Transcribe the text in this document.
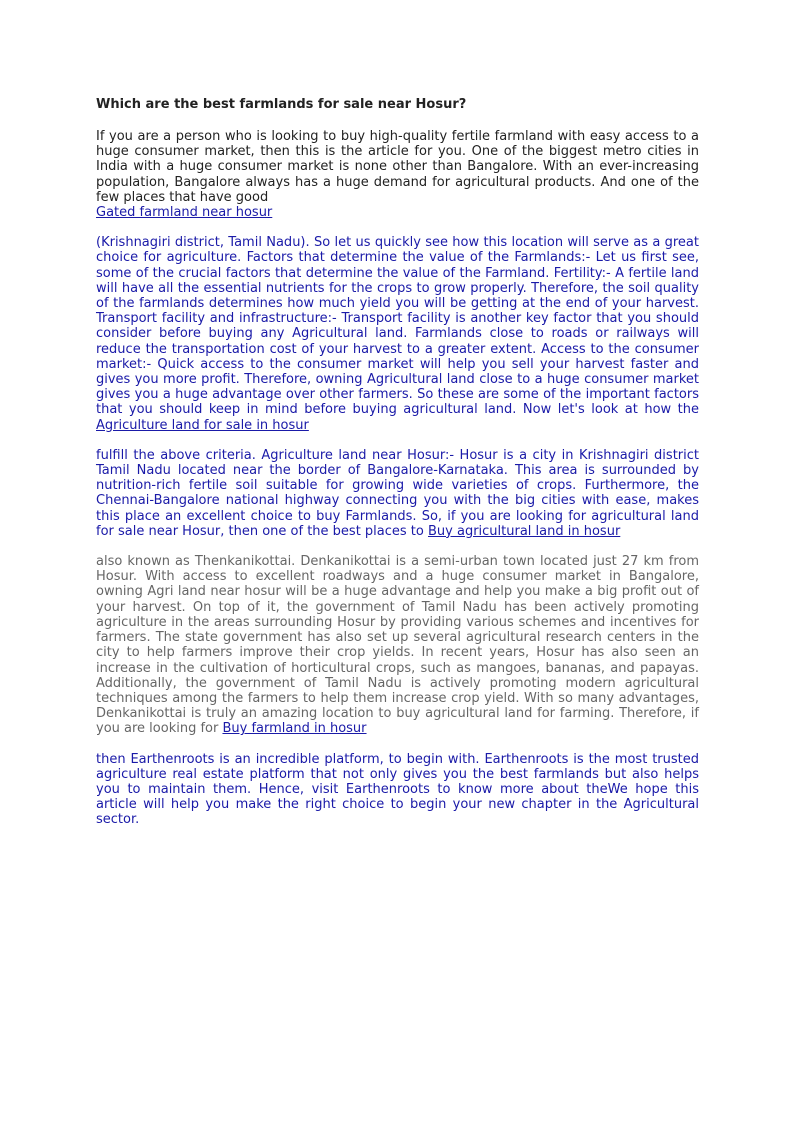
Which are the best farmlands for sale near Hosur?
If you are a person who is looking to buy high-quality fertile farmland with easy access to a huge consumer market, then this is the article for you. One of the biggest metro cities in India with a huge consumer market is none other than Bangalore. With an ever-increasing population, Bangalore always has a huge demand for agricultural products. And one of the few places that have good
Gated farmland near hosur
(Krishnagiri district, Tamil Nadu). So let us quickly see how this location will serve as a great choice for agriculture. Factors that determine the value of the Farmlands:- Let us first see, some of the crucial factors that determine the value of the Farmland. Fertility:- A fertile land will have all the essential nutrients for the crops to grow properly. Therefore, the soil quality of the farmlands determines how much yield you will be getting at the end of your harvest. Transport facility and infrastructure:- Transport facility is another key factor that you should consider before buying any Agricultural land. Farmlands close to roads or railways will reduce the transportation cost of your harvest to a greater extent. Access to the consumer market:- Quick access to the consumer market will help you sell your harvest faster and gives you more profit. Therefore, owning Agricultural land close to a huge consumer market gives you a huge advantage over other farmers. So these are some of the important factors that you should keep in mind before buying agricultural land. Now let's look at how the Agriculture land for sale in hosur
fulfill the above criteria. Agriculture land near Hosur:- Hosur is a city in Krishnagiri district Tamil Nadu located near the border of Bangalore-Karnataka. This area is surrounded by nutrition-rich fertile soil suitable for growing wide varieties of crops. Furthermore, the Chennai-Bangalore national highway connecting you with the big cities with ease, makes this place an excellent choice to buy Farmlands. So, if you are looking for agricultural land for sale near Hosur, then one of the best places to Buy agricultural land in hosur
also known as Thenkanikottai. Denkanikottai is a semi-urban town located just 27 km from Hosur. With access to excellent roadways and a huge consumer market in Bangalore, owning Agri land near hosur will be a huge advantage and help you make a big profit out of your harvest. On top of it, the government of Tamil Nadu has been actively promoting agriculture in the areas surrounding Hosur by providing various schemes and incentives for farmers. The state government has also set up several agricultural research centers in the city to help farmers improve their crop yields. In recent years, Hosur has also seen an increase in the cultivation of horticultural crops, such as mangoes, bananas, and papayas. Additionally, the government of Tamil Nadu is actively promoting modern agricultural techniques among the farmers to help them increase crop yield. With so many advantages, Denkanikottai is truly an amazing location to buy agricultural land for farming. Therefore, if you are looking for Buy farmland in hosur
then Earthenroots is an incredible platform, to begin with. Earthenroots is the most trusted agriculture real estate platform that not only gives you the best farmlands but also helps you to maintain them. Hence, visit Earthenroots to know more about theWe hope this article will help you make the right choice to begin your new chapter in the Agricultural sector.
